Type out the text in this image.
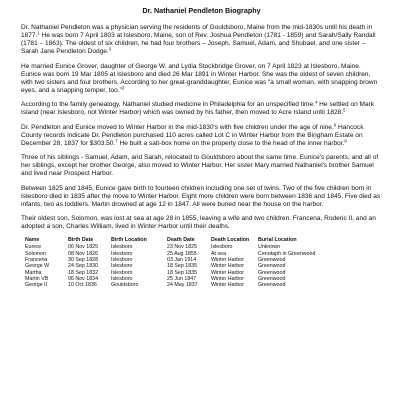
Dr. Nathaniel Pendleton Biography

Dr. Nathaniel Pendleton was a physician serving the residents of Gouldsboro, Maine from the mid-1830s until his death in 1877.$^1$ He was born 7 April 1803 at Islesboro, Maine, son of Rev. Joshua Pendleton (1781 - 1859) and Sarah/Sally Randall (1781 – 1863). The oldest of six children, he had four brothers – Joseph, Samuel, Adam, and Shubael, and one sister – Sarah Jane Pendleton Dodge.$^3$

He married Eunice Grover, daughter of George W. and Lydia Stockbridge Grover, on 7 April 1823 at Islesboro, Maine. Eunice was born 19 Mar 1805 at Islesboro and died 26 Mar 1891 in Winter Harbor. She was the oldest of seven children, with two sisters and four brothers. According to her great-granddaughter, Eunice was “a small woman, with snapping brown eyes, and a snapping temper, too.”$^3$

According to the family genealogy, Nathaniel studied medicine in Philadelphia for an unspecified time.$^4$ He settled on Mark Island (near Islesboro, not Winter Harbor) which was owned by his father, then moved to Acre Island until 1828.$^5$

Dr. Pendleton and Eunice moved to Winter Harbor in the mid-1830's with five children under the age of nine.$^6$ Hancock County records indicate Dr. Pendleton purchased 110 acres called Lot C in Winter Harbor from the Bingham Estate on December 28, 1837 for $303.50.$^7$ He built a salt-box home on the property close to the head of the inner harbor.$^8$

Three of his siblings - Samuel, Adam, and Sarah, relocated to Gouldsboro about the same time. Eunice's parents, and all of her siblings, except her brother George, also moved to Winter Harbor. Her sister Mary married Nathaniel's brother Samuel and lived near Prospect Harbor.

Between 1825 and 1845, Eunice gave birth to fourteen children including one set of twins. Two of the five children born in Islesboro died in 1835 after the move to Winter Harbor. Eight more children were born between 1836 and 1845. Five died as infants, two as toddlers. Martin drowned at age 12 in 1847. All were buried near the house on the harbor.

Their oldest son, Solomon, was lost at sea at age 28 in 1855, leaving a wife and two children. Francena, Roderic II, and an adopted a son, Charles William, lived in Winter Harbor until their deaths.

Name	Birth Date	Birth Location	Death Date	Death Location	Burial Location
Eunice	06 Nov 1825	Islesboro	23 Nov 1825	Islesboro	Unknown
Solomon	08 Nov 1826	Islesboro	25 Aug 1855	At sea	Cenotaph in Greenwood
Francena	30 Sep 1828	Islesboro	03 Jan 1914	Winter Harbor	Greenwood
George W	24 Sep 1830	Islesboro	18 Sep 1835	Winter Harbor	Greenwood
Martha	18 Sep 1832	Islesboro	18 Sep 1835	Winter Harbor	Greenwood
Martin VB	06 Nov 1834	Islesboro	25 Jun 1847	Winter Harbor	Greenwood
George II	10 Oct 1836	Gouldsboro	24 May 1837	Winter Harbor	Greenwood
